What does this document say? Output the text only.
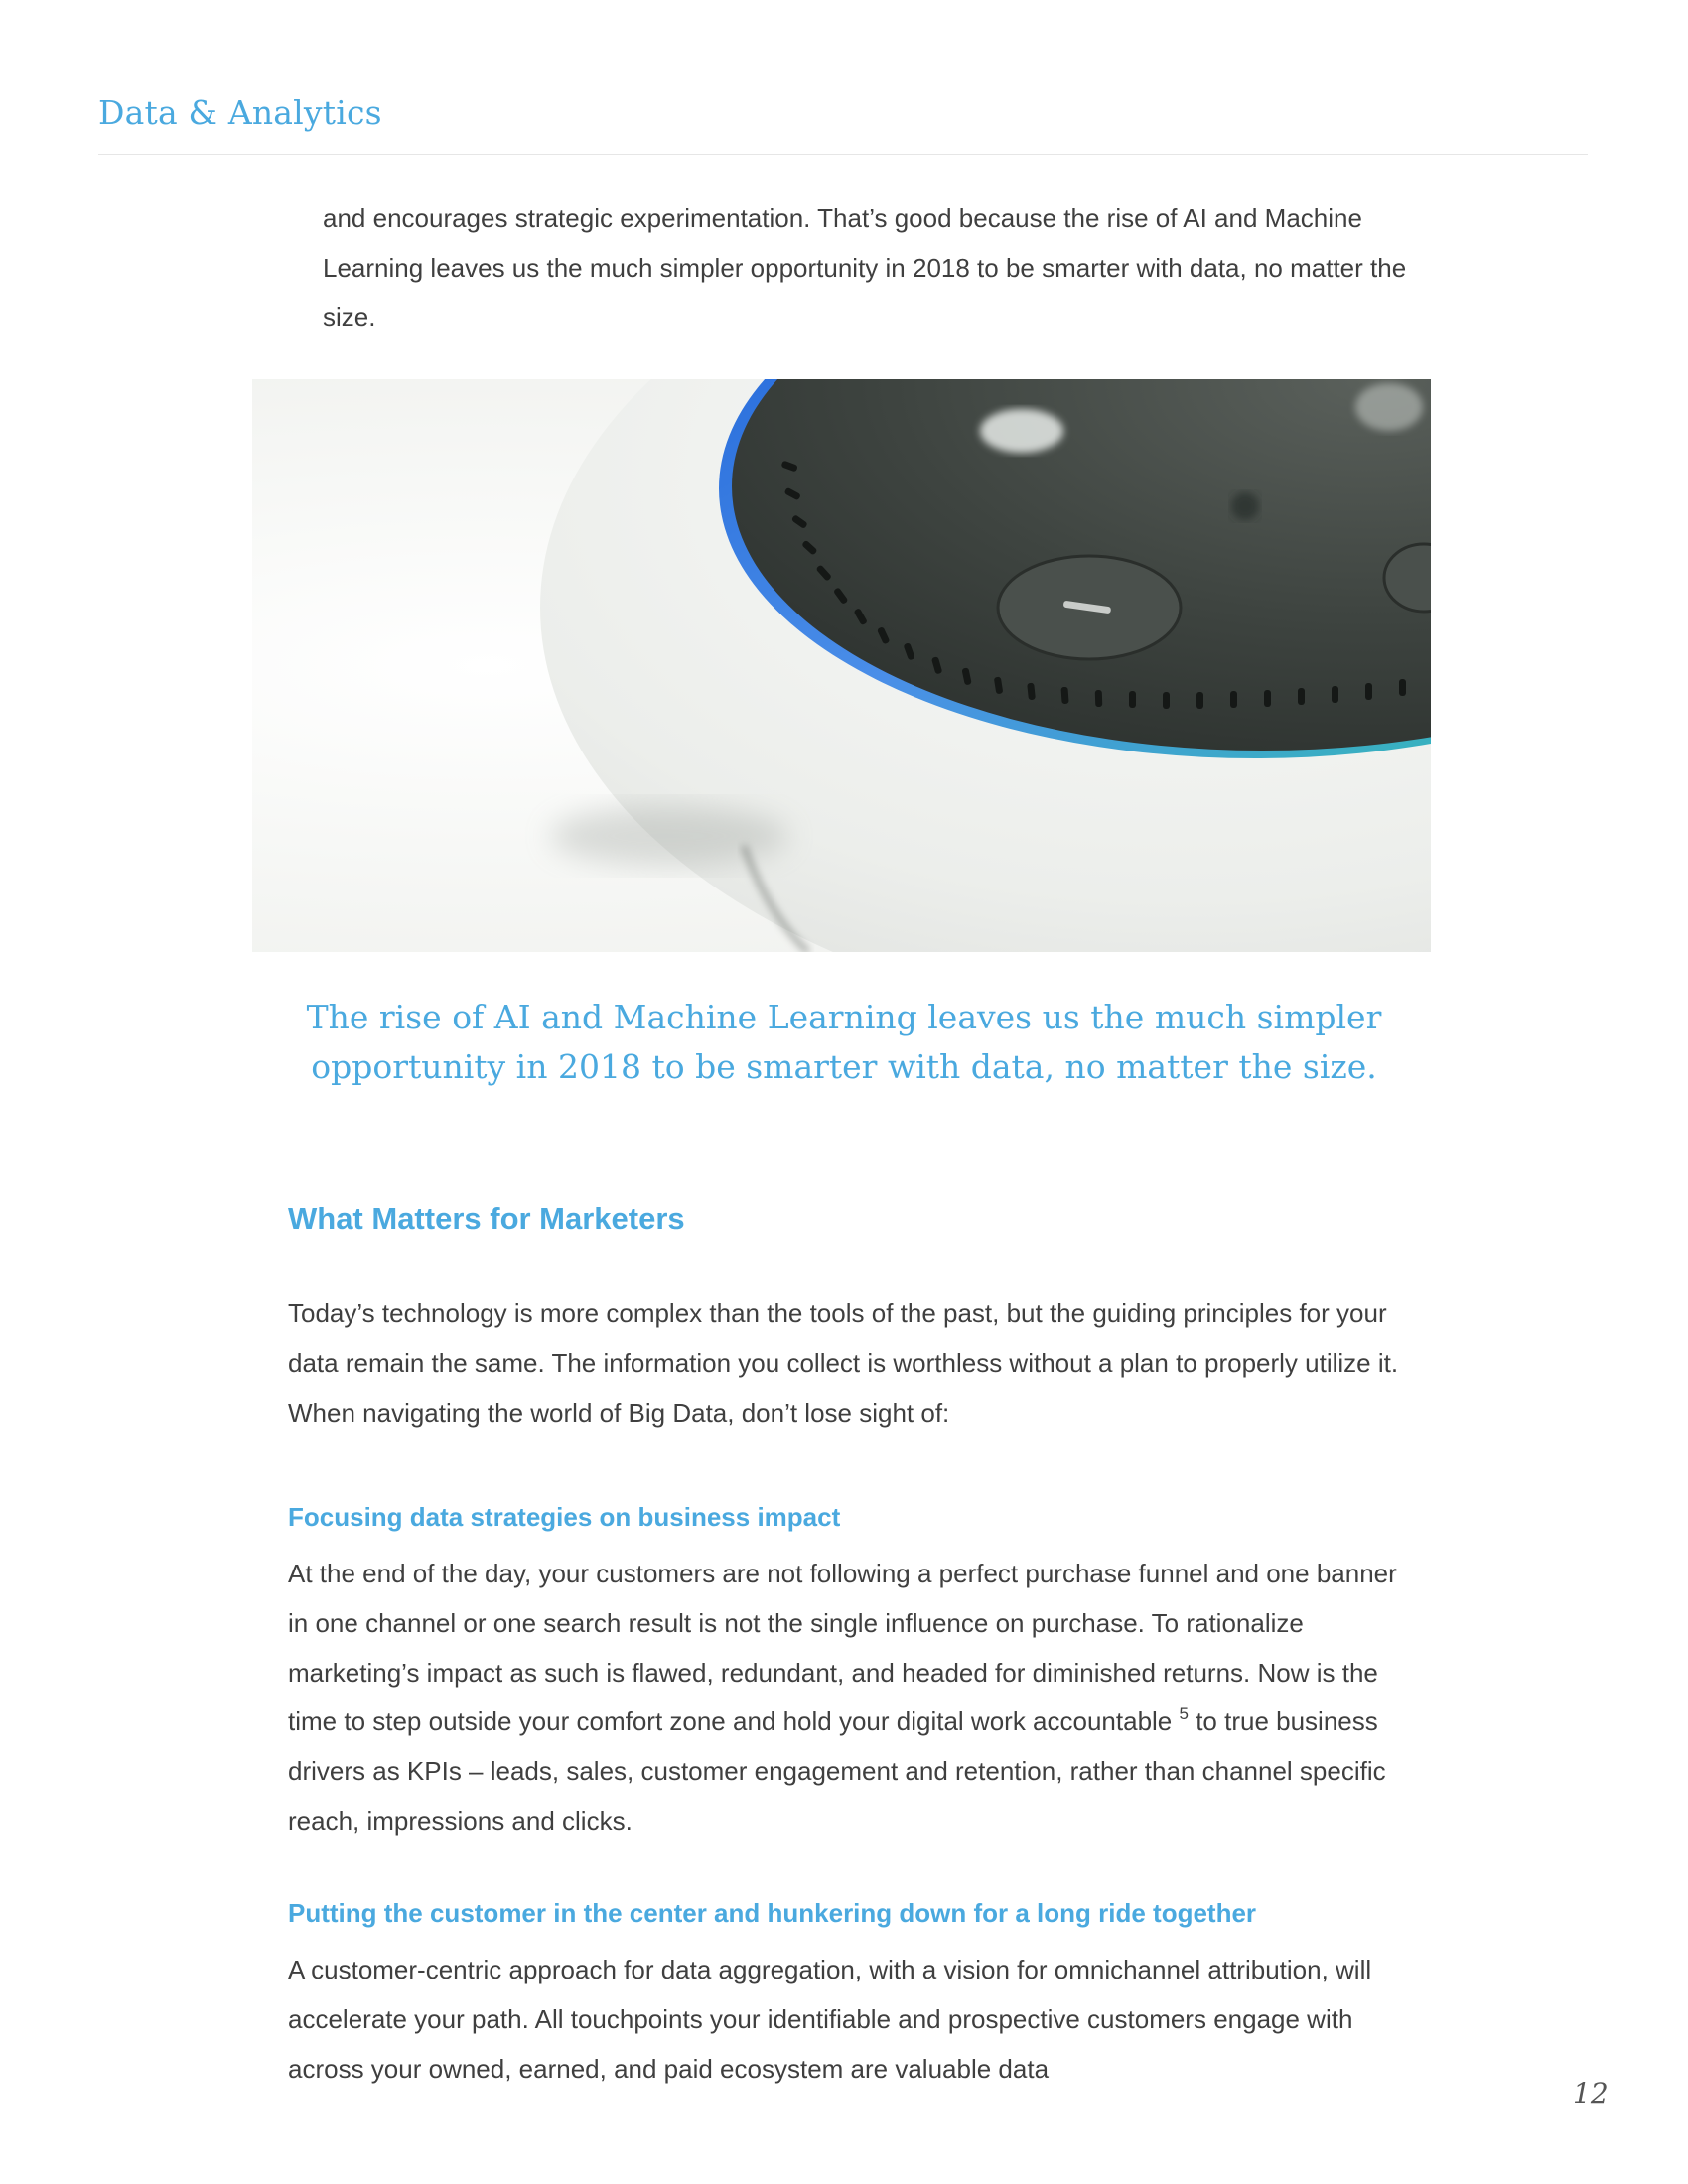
Data & Analytics

and encourages strategic experimentation. That’s good because the rise of AI and Machine Learning leaves us the much simpler opportunity in 2018 to be smarter with data, no matter the size.

The rise of AI and Machine Learning leaves us the much simpler opportunity in 2018 to be smarter with data, no matter the size.
What Matters for Marketers

Today’s technology is more complex than the tools of the past, but the guiding principles for your data remain the same. The information you collect is worthless without a plan to properly utilize it. When navigating the world of Big Data, don’t lose sight of:

Focusing data strategies on business impact

At the end of the day, your customers are not following a perfect purchase funnel and one banner in one channel or one search result is not the single influence on purchase. To rationalize marketing’s impact as such is flawed, redundant, and headed for diminished returns. Now is the time to step outside your comfort zone and hold your digital work accountable $^5$ to true business drivers as KPIs – leads, sales, customer engagement and retention, rather than channel specific reach, impressions and clicks.

Putting the customer in the center and hunkering down for a long ride together

A customer-centric approach for data aggregation, with a vision for omnichannel attribution, will accelerate your path. All touchpoints your identifiable and prospective customers engage with across your owned, earned, and paid ecosystem are valuable data

12
